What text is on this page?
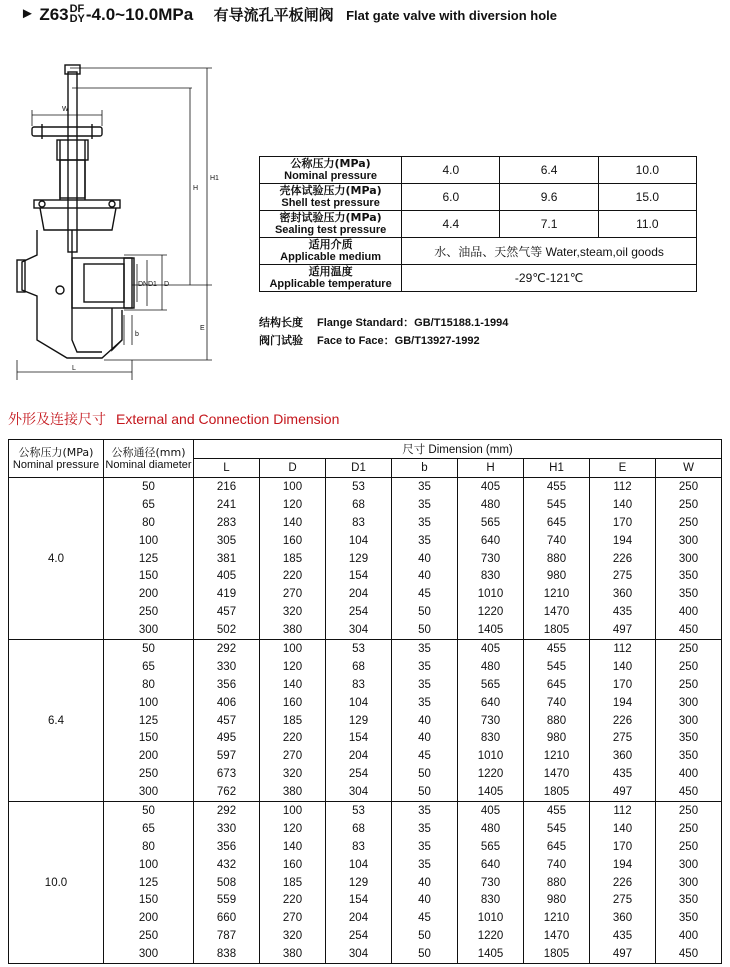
► Z63 DF
DY -4.0~10.0MPa 有导流孔平板闸阀 Flat gate valve with diversion hole
W
H
H1
DN D1 D
E
L
b
公称压力(MPa)
Nominal pressure	4.0	6.4	10.0

壳体试验压力(MPa)
Shell test pressure	6.0	9.6	15.0

密封试验压力(MPa)
Sealing test pressure	4.4	7.1	11.0

适用介质
Applicable medium	水、油品、天然气等 Water,steam,oil goods		

适用温度
Applicable temperature	-29℃-121℃		
结构长度 Flange Standard：GB/T15188.1-1994
阀门试验 Face to Face：GB/T13927-1992
外形及连接尺寸 External and Connection Dimension
公称压力(MPa)
Nominal pressure	公称通径(mm)
Nominal diameter	尺寸 Dimension (mm)							
		L	D	D1	b	H	H1	E	W
4.0	50	216	100	53	35	405	455	112	250
	65	241	120	68	35	480	545	140	250
	80	283	140	83	35	565	645	170	250
	100	305	160	104	35	640	740	194	300
	125	381	185	129	40	730	880	226	300
	150	405	220	154	40	830	980	275	350
	200	419	270	204	45	1010	1210	360	350
	250	457	320	254	50	1220	1470	435	400
	300	502	380	304	50	1405	1805	497	450
6.4	50	292	100	53	35	405	455	112	250
	65	330	120	68	35	480	545	140	250
	80	356	140	83	35	565	645	170	250
	100	406	160	104	35	640	740	194	300
	125	457	185	129	40	730	880	226	300
	150	495	220	154	40	830	980	275	350
	200	597	270	204	45	1010	1210	360	350
	250	673	320	254	50	1220	1470	435	400
	300	762	380	304	50	1405	1805	497	450
10.0	50	292	100	53	35	405	455	112	250
	65	330	120	68	35	480	545	140	250
	80	356	140	83	35	565	645	170	250
	100	432	160	104	35	640	740	194	300
	125	508	185	129	40	730	880	226	300
	150	559	220	154	40	830	980	275	350
	200	660	270	204	45	1010	1210	360	350
	250	787	320	254	50	1220	1470	435	400
	300	838	380	304	50	1405	1805	497	450
